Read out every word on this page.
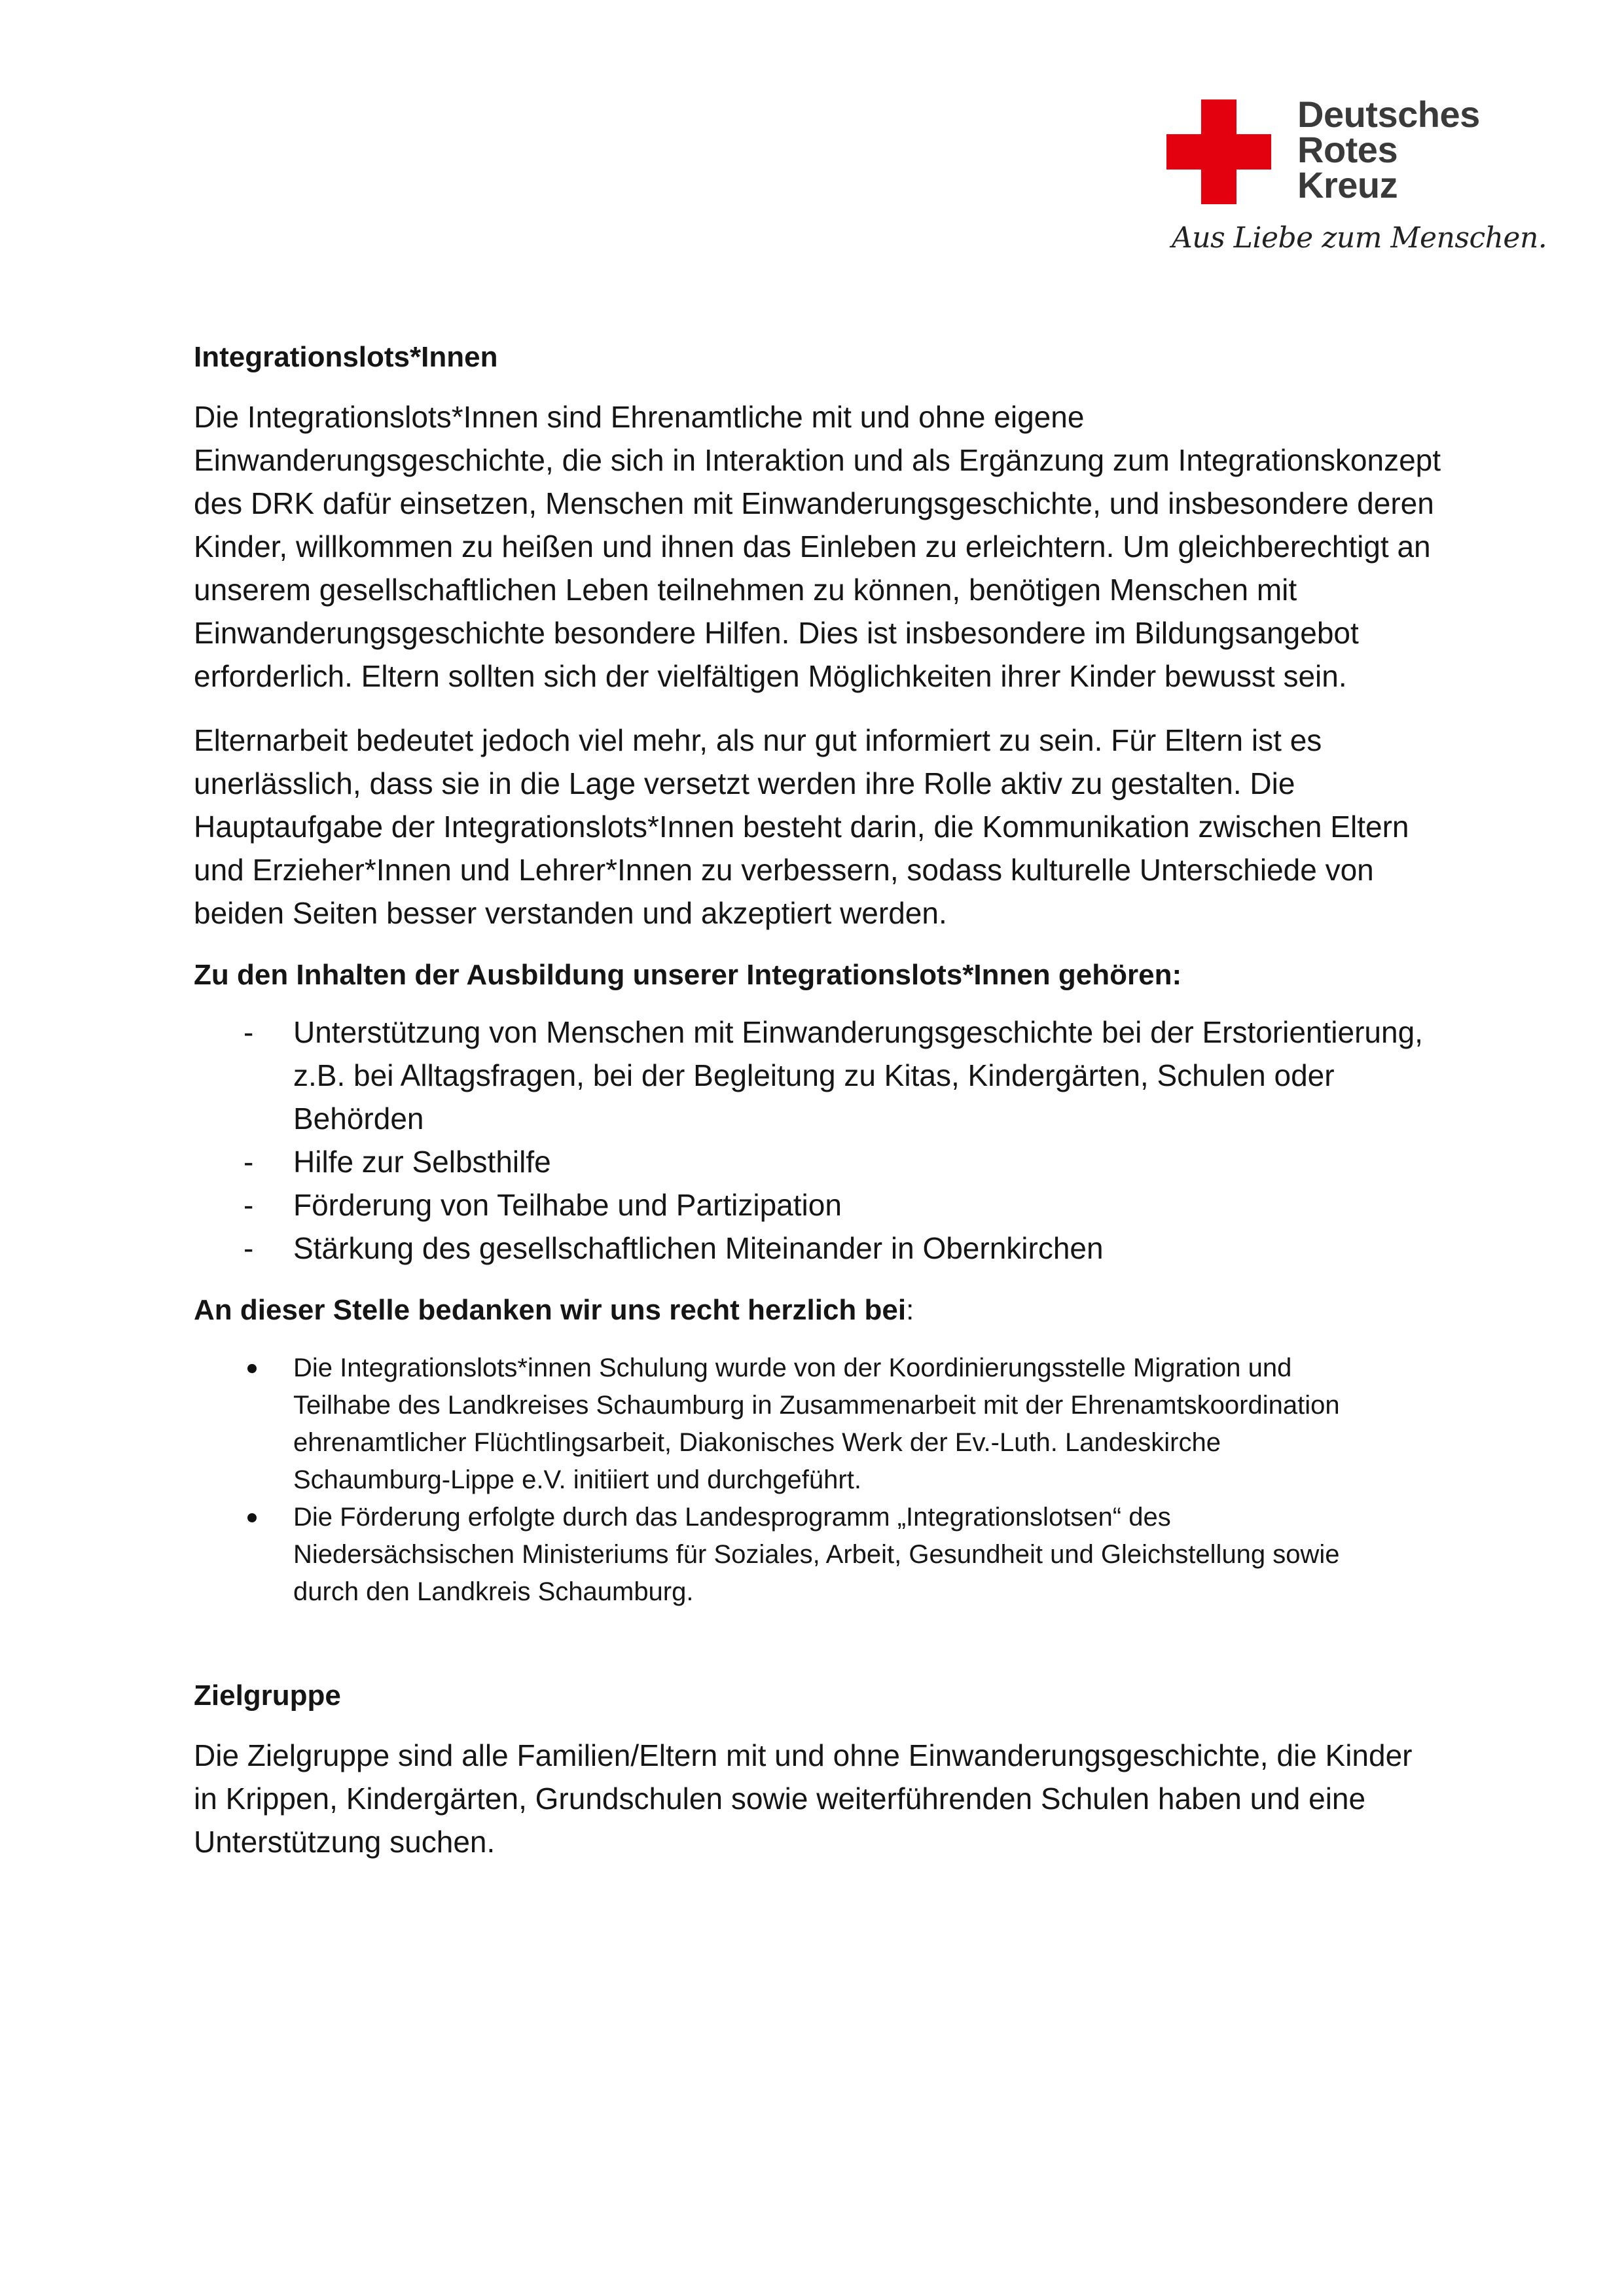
Deutsches
Rotes
Kreuz
Aus Liebe zum Menschen.
Integrationslots*Innen
Die Integrationslots*Innen sind Ehrenamtliche mit und ohne eigene
Einwanderungsgeschichte, die sich in Interaktion und als Ergänzung zum Integrationskonzept
des DRK dafür einsetzen, Menschen mit Einwanderungsgeschichte, und insbesondere deren
Kinder, willkommen zu heißen und ihnen das Einleben zu erleichtern. Um gleichberechtigt an
unserem gesellschaftlichen Leben teilnehmen zu können, benötigen Menschen mit
Einwanderungsgeschichte besondere Hilfen. Dies ist insbesondere im Bildungsangebot
erforderlich. Eltern sollten sich der vielfältigen Möglichkeiten ihrer Kinder bewusst sein.
Elternarbeit bedeutet jedoch viel mehr, als nur gut informiert zu sein. Für Eltern ist es
unerlässlich, dass sie in die Lage versetzt werden ihre Rolle aktiv zu gestalten. Die
Hauptaufgabe der Integrationslots*Innen besteht darin, die Kommunikation zwischen Eltern
und Erzieher*Innen und Lehrer*Innen zu verbessern, sodass kulturelle Unterschiede von
beiden Seiten besser verstanden und akzeptiert werden.
Zu den Inhalten der Ausbildung unserer Integrationslots*Innen gehören:
- Unterstützung von Menschen mit Einwanderungsgeschichte bei der Erstorientierung,
z.B. bei Alltagsfragen, bei der Begleitung zu Kitas, Kindergärten, Schulen oder
Behörden
- Hilfe zur Selbsthilfe
- Förderung von Teilhabe und Partizipation
- Stärkung des gesellschaftlichen Miteinander in Obernkirchen
An dieser Stelle bedanken wir uns recht herzlich bei:
Die Integrationslots*innen Schulung wurde von der Koordinierungsstelle Migration und
Teilhabe des Landkreises Schaumburg in Zusammenarbeit mit der Ehrenamtskoordination
ehrenamtlicher Flüchtlingsarbeit, Diakonisches Werk der Ev.-Luth. Landeskirche
Schaumburg-Lippe e.V. initiiert und durchgeführt.
Die Förderung erfolgte durch das Landesprogramm „Integrationslotsen“ des
Niedersächsischen Ministeriums für Soziales, Arbeit, Gesundheit und Gleichstellung sowie
durch den Landkreis Schaumburg.
Zielgruppe
Die Zielgruppe sind alle Familien/Eltern mit und ohne Einwanderungsgeschichte, die Kinder
in Krippen, Kindergärten, Grundschulen sowie weiterführenden Schulen haben und eine
Unterstützung suchen.
